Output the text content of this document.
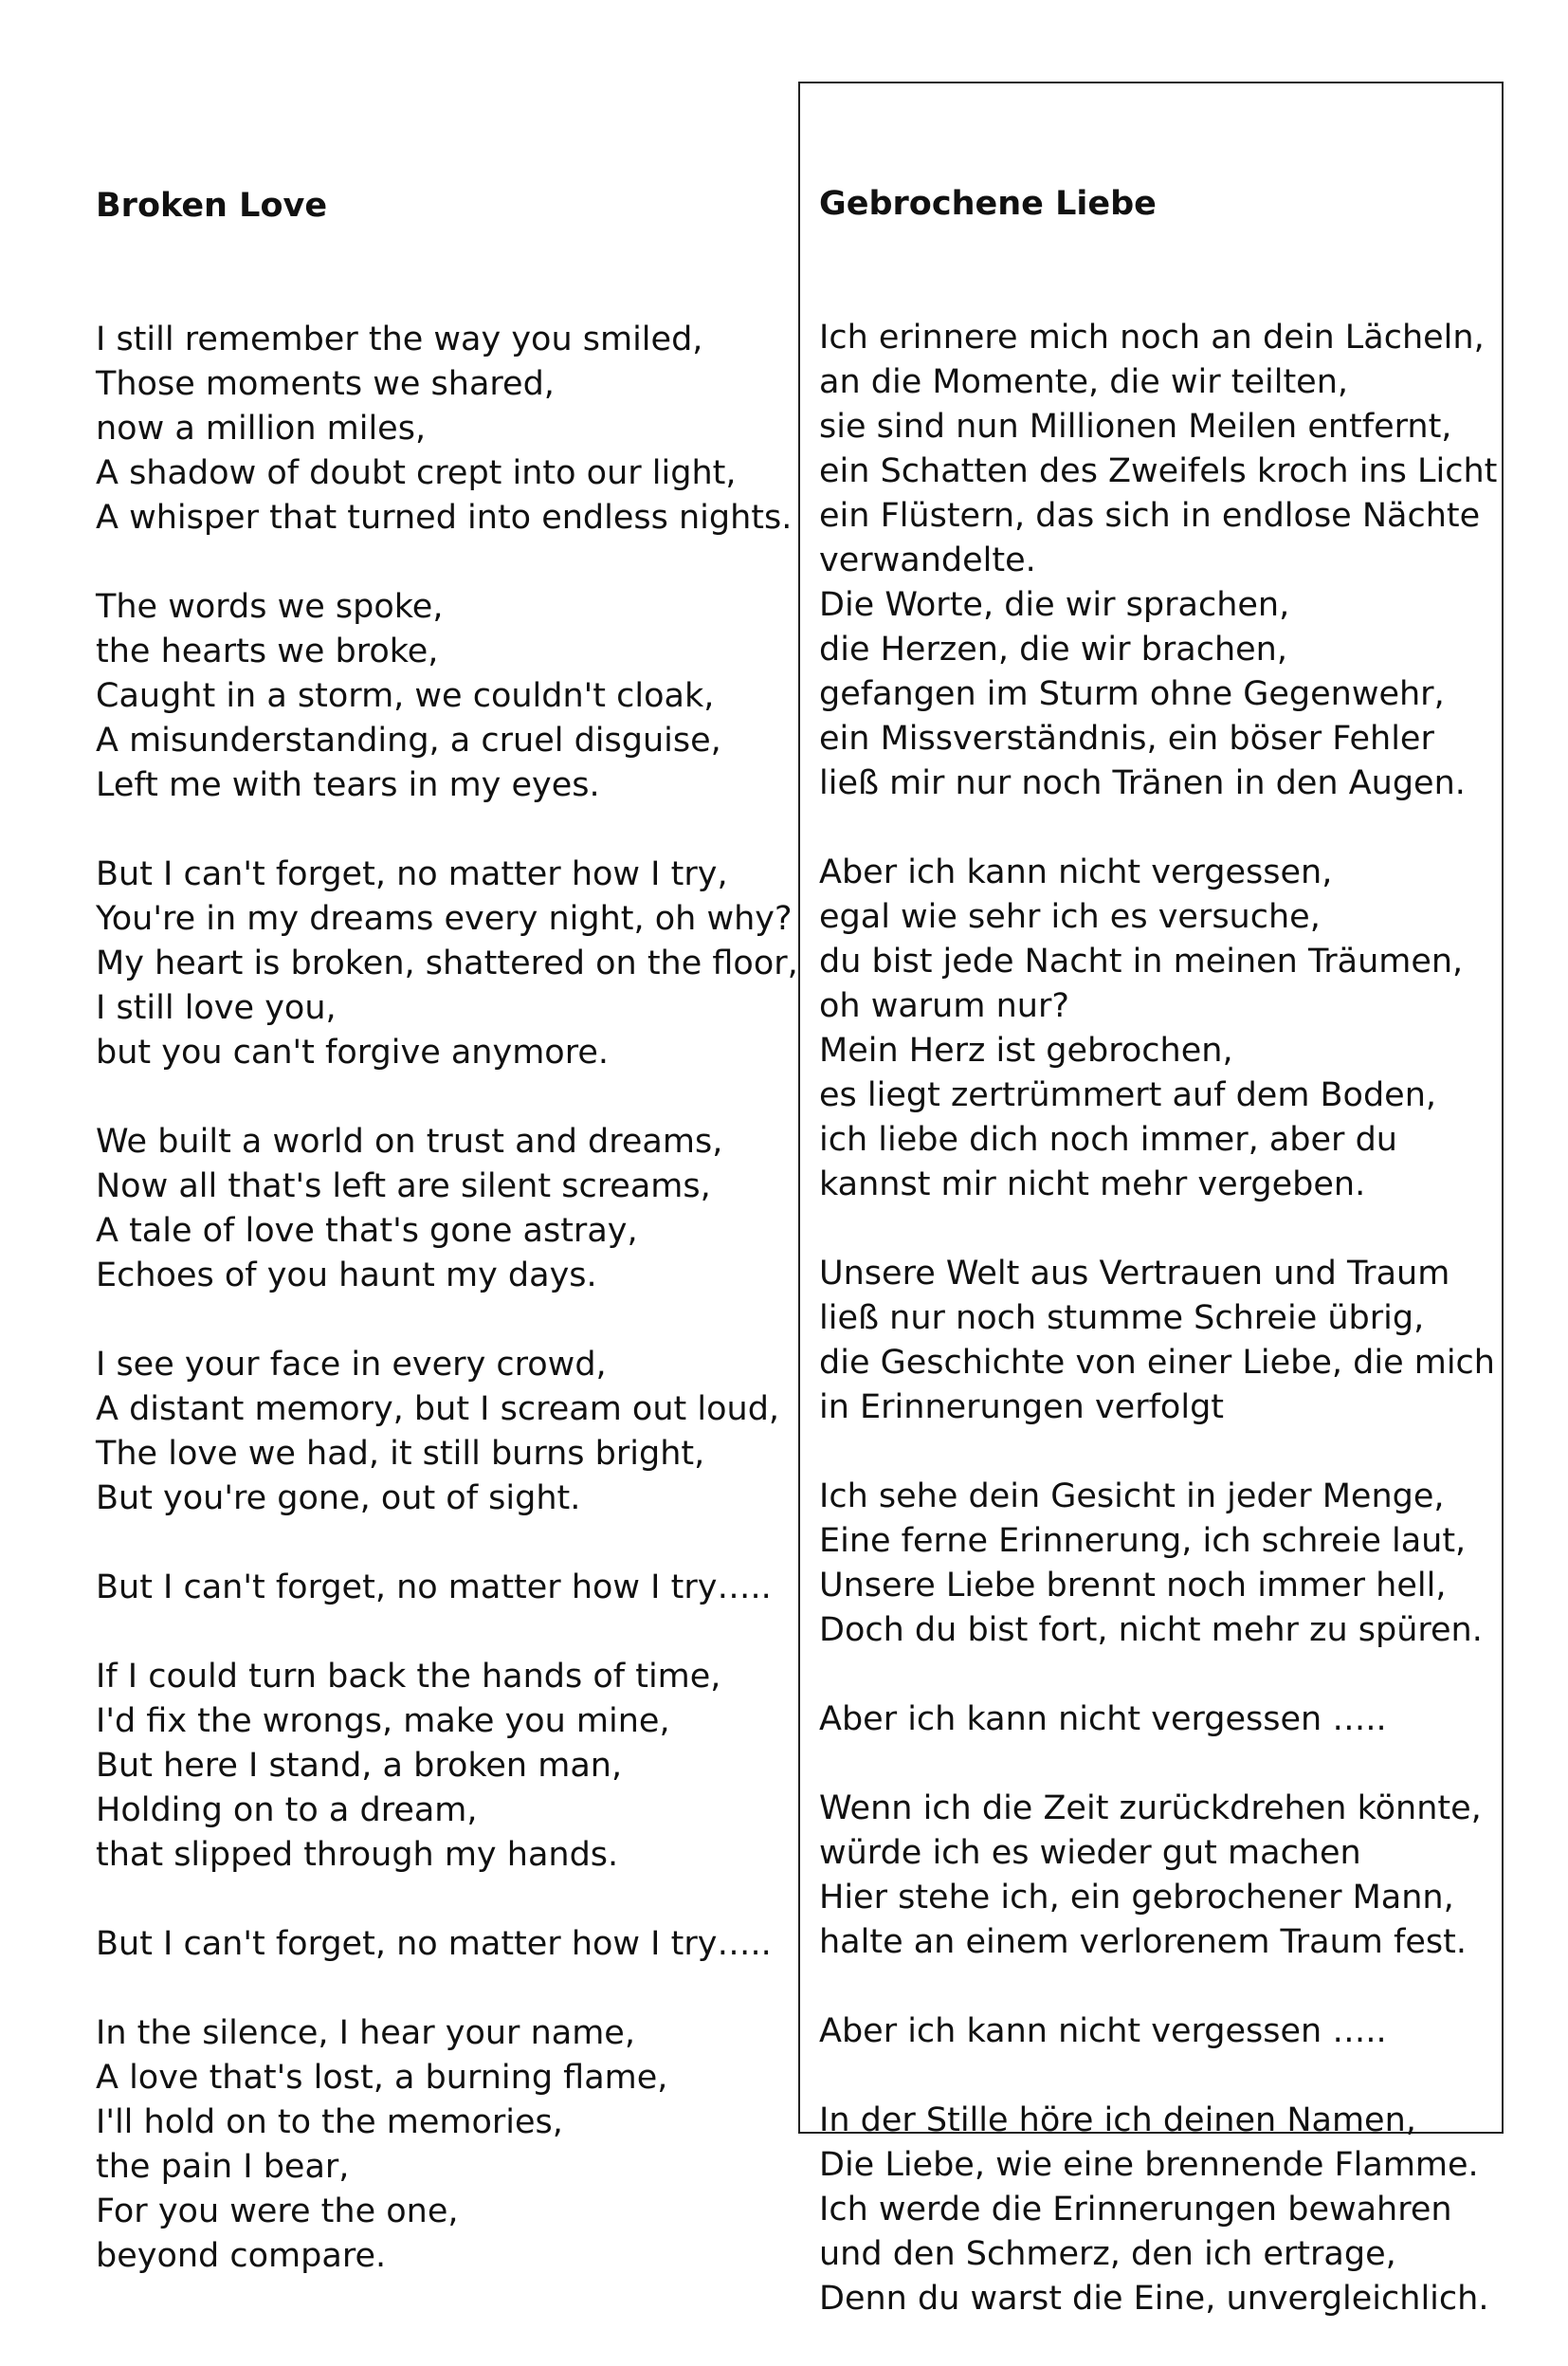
Broken Love

I still remember the way you smiled,
Those moments we shared,
now a million miles,
A shadow of doubt crept into our light,
A whisper that turned into endless nights.
The words we spoke,
the hearts we broke,
Caught in a storm, we couldn't cloak,
A misunderstanding, a cruel disguise,
Left me with tears in my eyes.
But I can't forget, no matter how I try,
You're in my dreams every night, oh why?
My heart is broken, shattered on the floor,
I still love you,
but you can't forgive anymore.
We built a world on trust and dreams,
Now all that's left are silent screams,
A tale of love that's gone astray,
Echoes of you haunt my days.
I see your face in every crowd,
A distant memory, but I scream out loud,
The love we had, it still burns bright,
But you're gone, out of sight.
But I can't forget, no matter how I try…..
If I could turn back the hands of time,
I'd fix the wrongs, make you mine,
But here I stand, a broken man,
Holding on to a dream,
that slipped through my hands.
But I can't forget, no matter how I try…..
In the silence, I hear your name,
A love that's lost, a burning flame,
I'll hold on to the memories,
the pain I bear,
For you were the one,
beyond compare.

Gebrochene Liebe

Ich erinnere mich noch an dein Lächeln,
an die Momente, die wir teilten,
sie sind nun Millionen Meilen entfernt,
ein Schatten des Zweifels kroch ins Licht
ein Flüstern, das sich in endlose Nächte
verwandelte.
Die Worte, die wir sprachen,
die Herzen, die wir brachen,
gefangen im Sturm ohne Gegenwehr,
ein Missverständnis, ein böser Fehler
ließ mir nur noch Tränen in den Augen.
Aber ich kann nicht vergessen,
egal wie sehr ich es versuche,
du bist jede Nacht in meinen Träumen,
oh warum nur?
Mein Herz ist gebrochen,
es liegt zertrümmert auf dem Boden,
ich liebe dich noch immer, aber du
kannst mir nicht mehr vergeben.
Unsere Welt aus Vertrauen und Traum
ließ nur noch stumme Schreie übrig,
die Geschichte von einer Liebe, die mich
in Erinnerungen verfolgt
Ich sehe dein Gesicht in jeder Menge,
Eine ferne Erinnerung, ich schreie laut,
Unsere Liebe brennt noch immer hell,
Doch du bist fort, nicht mehr zu spüren.
Aber ich kann nicht vergessen …..
Wenn ich die Zeit zurückdrehen könnte,
würde ich es wieder gut machen
Hier stehe ich, ein gebrochener Mann,
halte an einem verlorenem Traum fest.
Aber ich kann nicht vergessen …..
In der Stille höre ich deinen Namen,
Die Liebe, wie eine brennende Flamme.
Ich werde die Erinnerungen bewahren
und den Schmerz, den ich ertrage,
Denn du warst die Eine, unvergleichlich.
